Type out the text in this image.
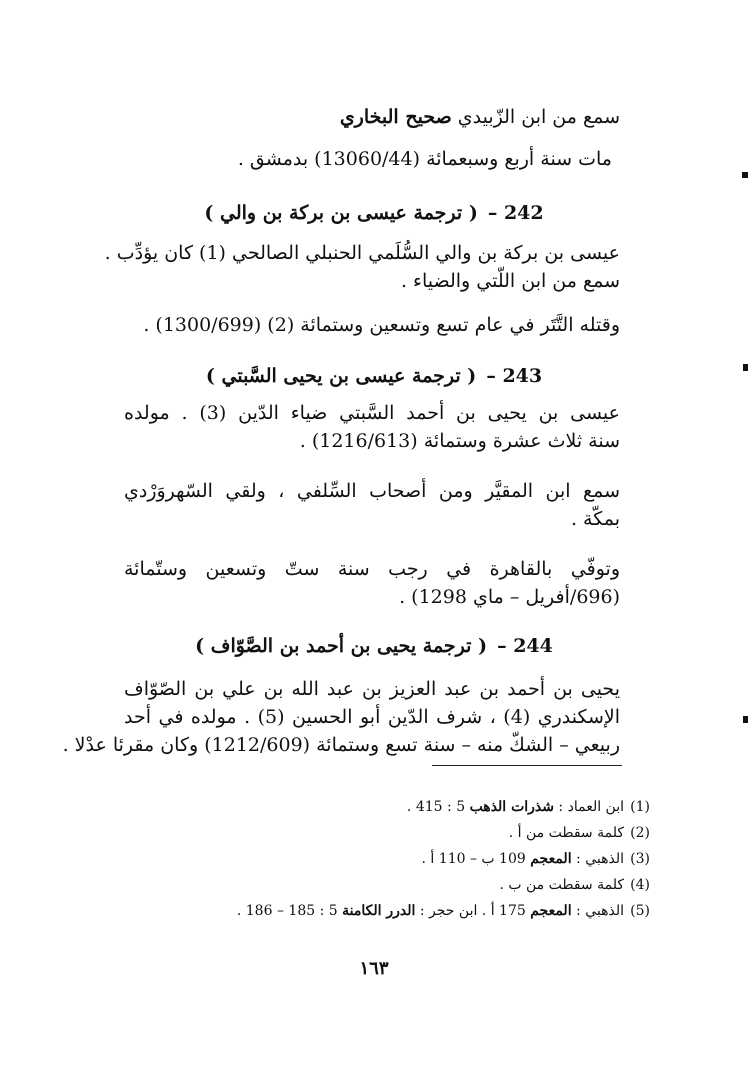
سمع من ابن الزّبيدي صحيح البخاري
مات سنة أربع وسبعمائة (13060/44) بدمشق .
242 –( ترجمة عيسى بن بركة بن والي )
عيسى بن بركة بن والي السُّلَمي الحنبلي الصالحي (1) كان يؤدِّب .
سمع من ابن اللّتي والضياء .
وقتله التَّتَر في عام تسع وتسعين وستمائة (2) (1300/699) .
243 –( ترجمة عيسى بن يحيى السَّبتي )
عيسى بن يحيى بن أحمد السَّبتي ضياء الدّين (3) . مولده
سنة ثلاث عشرة وستمائة (1216/613) .
سمع ابن المقيَّر ومن أصحاب السِّلفي ، ولقي السّهروَرْدي
بمكّة .
وتوفّي بالقاهرة في رجب سنة ستّ وتسعين وستّمائة
(696/أفريل – ماي 1298) .
244 –( ترجمة يحيى بن أحمد بن الصَّوّاف )
يحيى بن أحمد بن عبد العزيز بن عبد الله بن علي بن الصّوّاف
الإسكندري (4) ، شرف الدّين أبو الحسين (5) . مولده في أحد
ربيعي – الشكّ منه – سنة تسع وستمائة (1212/609) وكان مقرئا عدْلا .
(1)ابن العماد : شذرات الذهب 5 : 415 .
(2)كلمة سقطت من أ .
(3)الذهبي : المعجم 109 ب – 110 أ .
(4)كلمة سقطت من ب .
(5)الذهبي : المعجم 175 أ . ابن حجر : الدرر الكامنة 5 : 185 – 186 .
١٦٣
